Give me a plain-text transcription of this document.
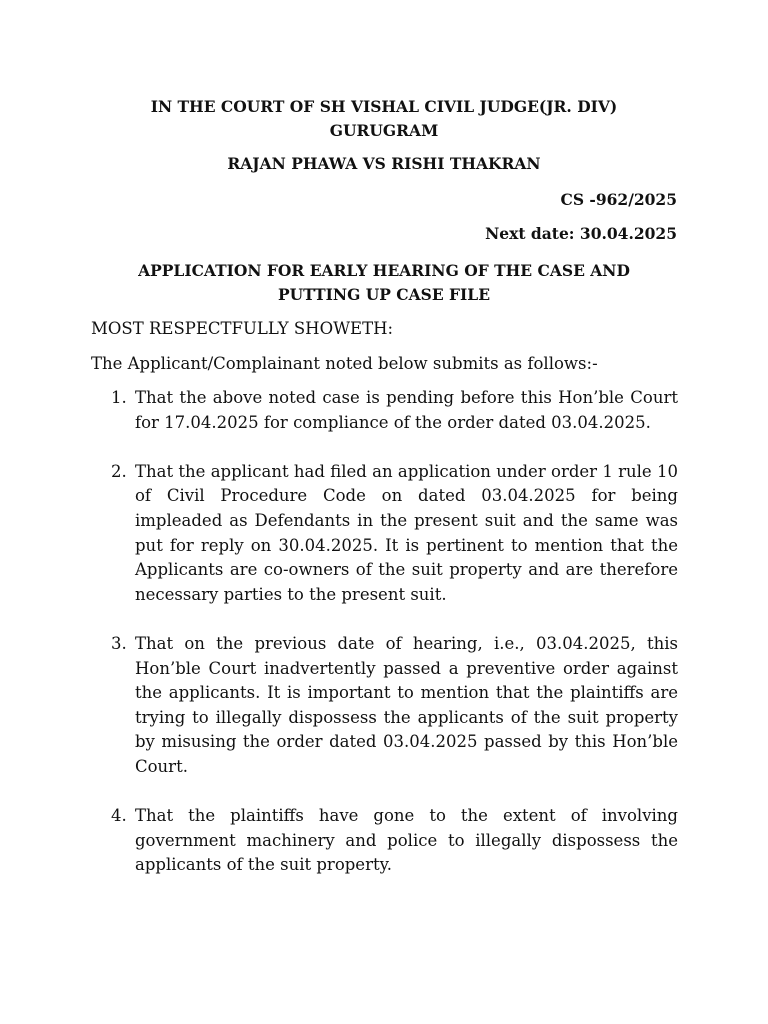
IN THE COURT OF SH VISHAL CIVIL JUDGE(JR. DIV)
GURUGRAM
RAJAN PHAWA VS RISHI THAKRAN
CS -962/2025
Next date: 30.04.2025
APPLICATION FOR EARLY HEARING OF THE CASE AND
PUTTING UP CASE FILE
MOST RESPECTFULLY SHOWETH:
The Applicant/Complainant noted below submits as follows:-
1. That the above noted case is pending before this Hon’ble Court for 17.04.2025 for compliance of the order dated 03.04.2025.
2. That the applicant had filed an application under order 1 rule 10 of Civil Procedure Code on dated 03.04.2025 for being impleaded as Defendants in the present suit and the same was put for reply on 30.04.2025. It is pertinent to mention that the Applicants are co-owners of the suit property and are therefore necessary parties to the present suit.
3. That on the previous date of hearing, i.e., 03.04.2025, this Hon’ble Court inadvertently passed a preventive order against the applicants. It is important to mention that the plaintiffs are trying to illegally dispossess the applicants of the suit property by misusing the order dated 03.04.2025 passed by this Hon’ble Court.
4. That the plaintiffs have gone to the extent of involving government machinery and police to illegally dispossess the applicants of the suit property.
